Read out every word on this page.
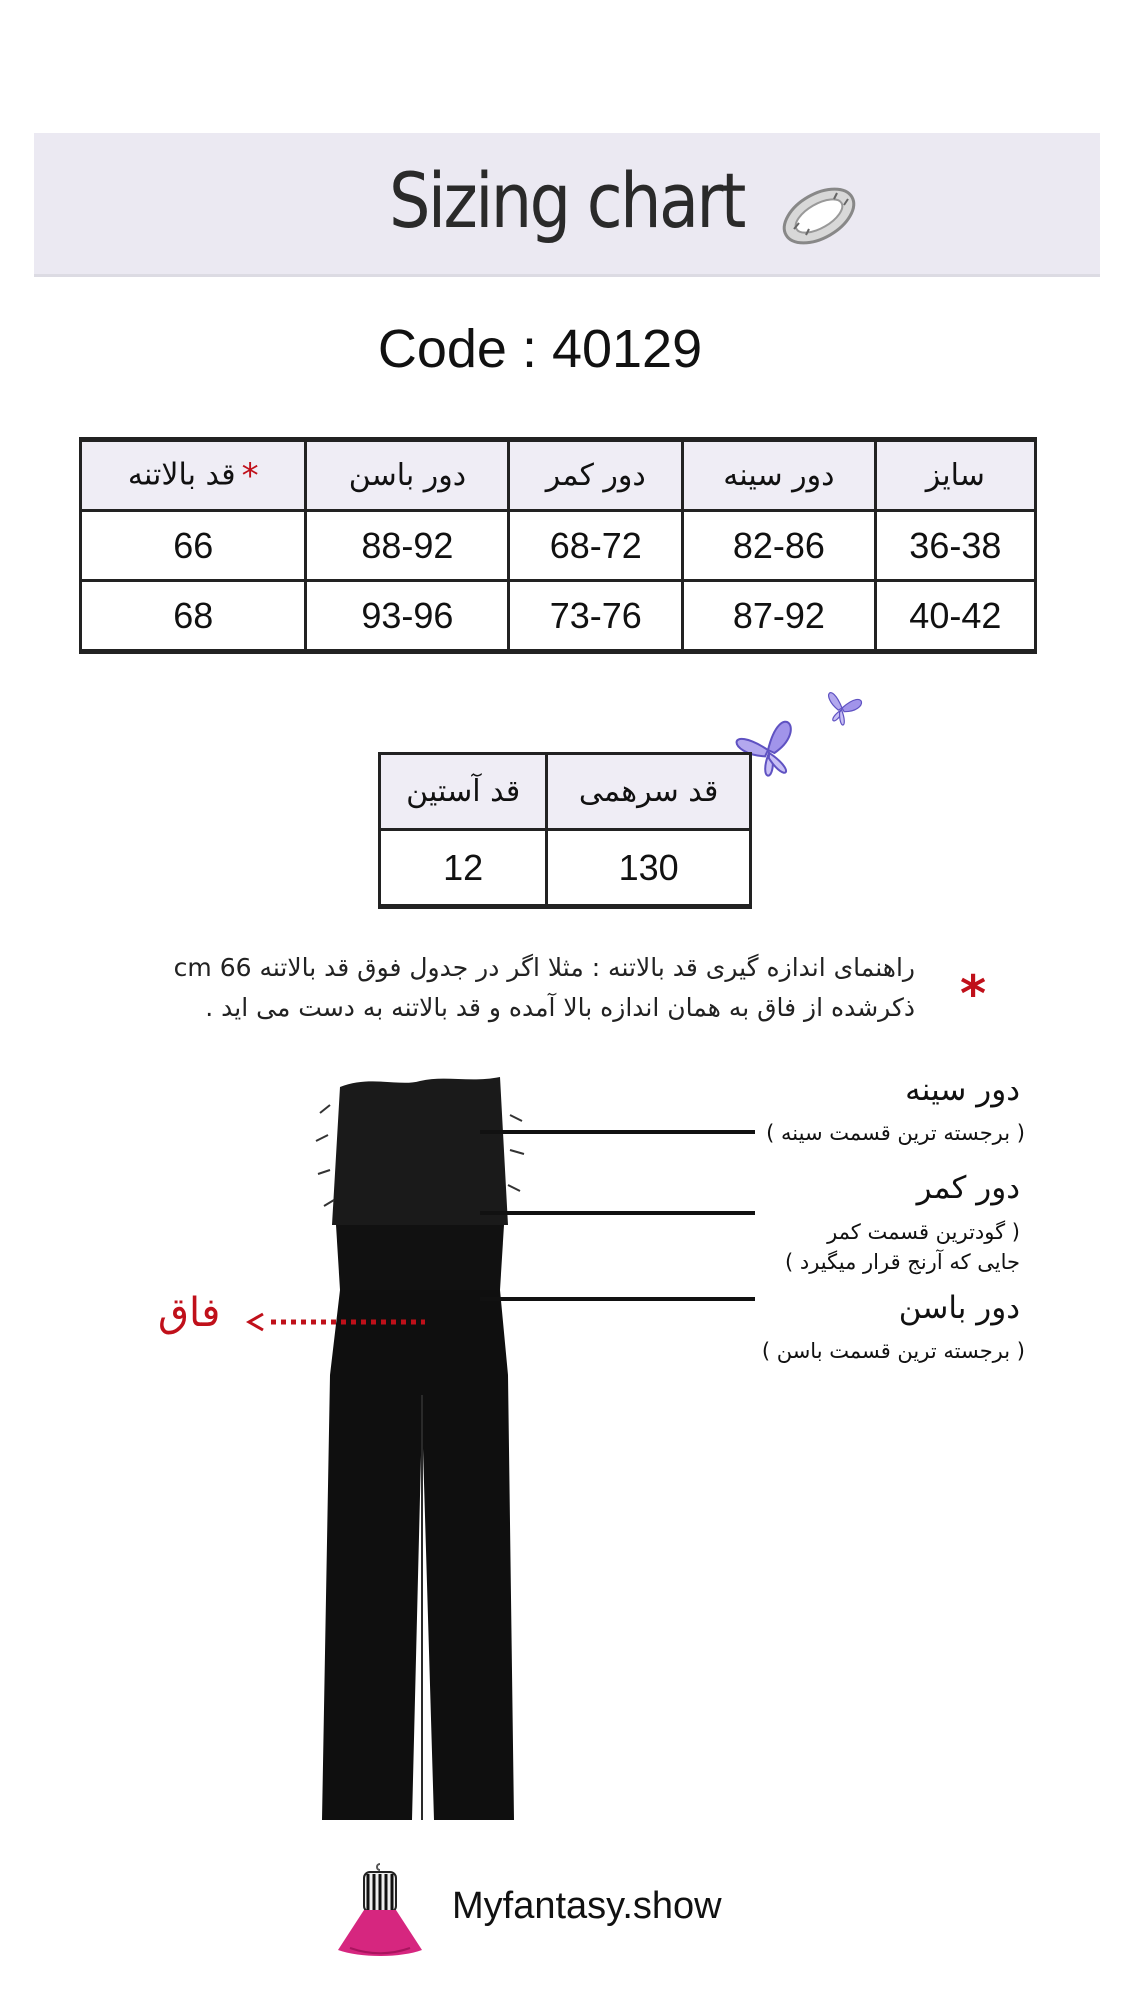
Sizing chart
Code : 40129
قد بالاتنه *	دور باسن	دور کمر	دور سینه	سایز
66	88-92	68-72	82-86	36-38
68	93-96	73-76	87-92	40-42
قد آستین	قد سرهمی
12	130
*
راهنمای اندازه گیری قد بالاتنه : مثلا اگر در جدول فوق قد بالاتنه 66 cm
ذکرشده از فاق به همان اندازه بالا آمده و قد بالاتنه به دست می اید .
دور سینه
( برجسته ترین قسمت سینه )
دور کمر
( گودترین قسمت کمر
جایی که آرنج قرار میگیرد )
دور باسن
( برجسته ترین قسمت باسن )
فاق
Myfantasy.show
